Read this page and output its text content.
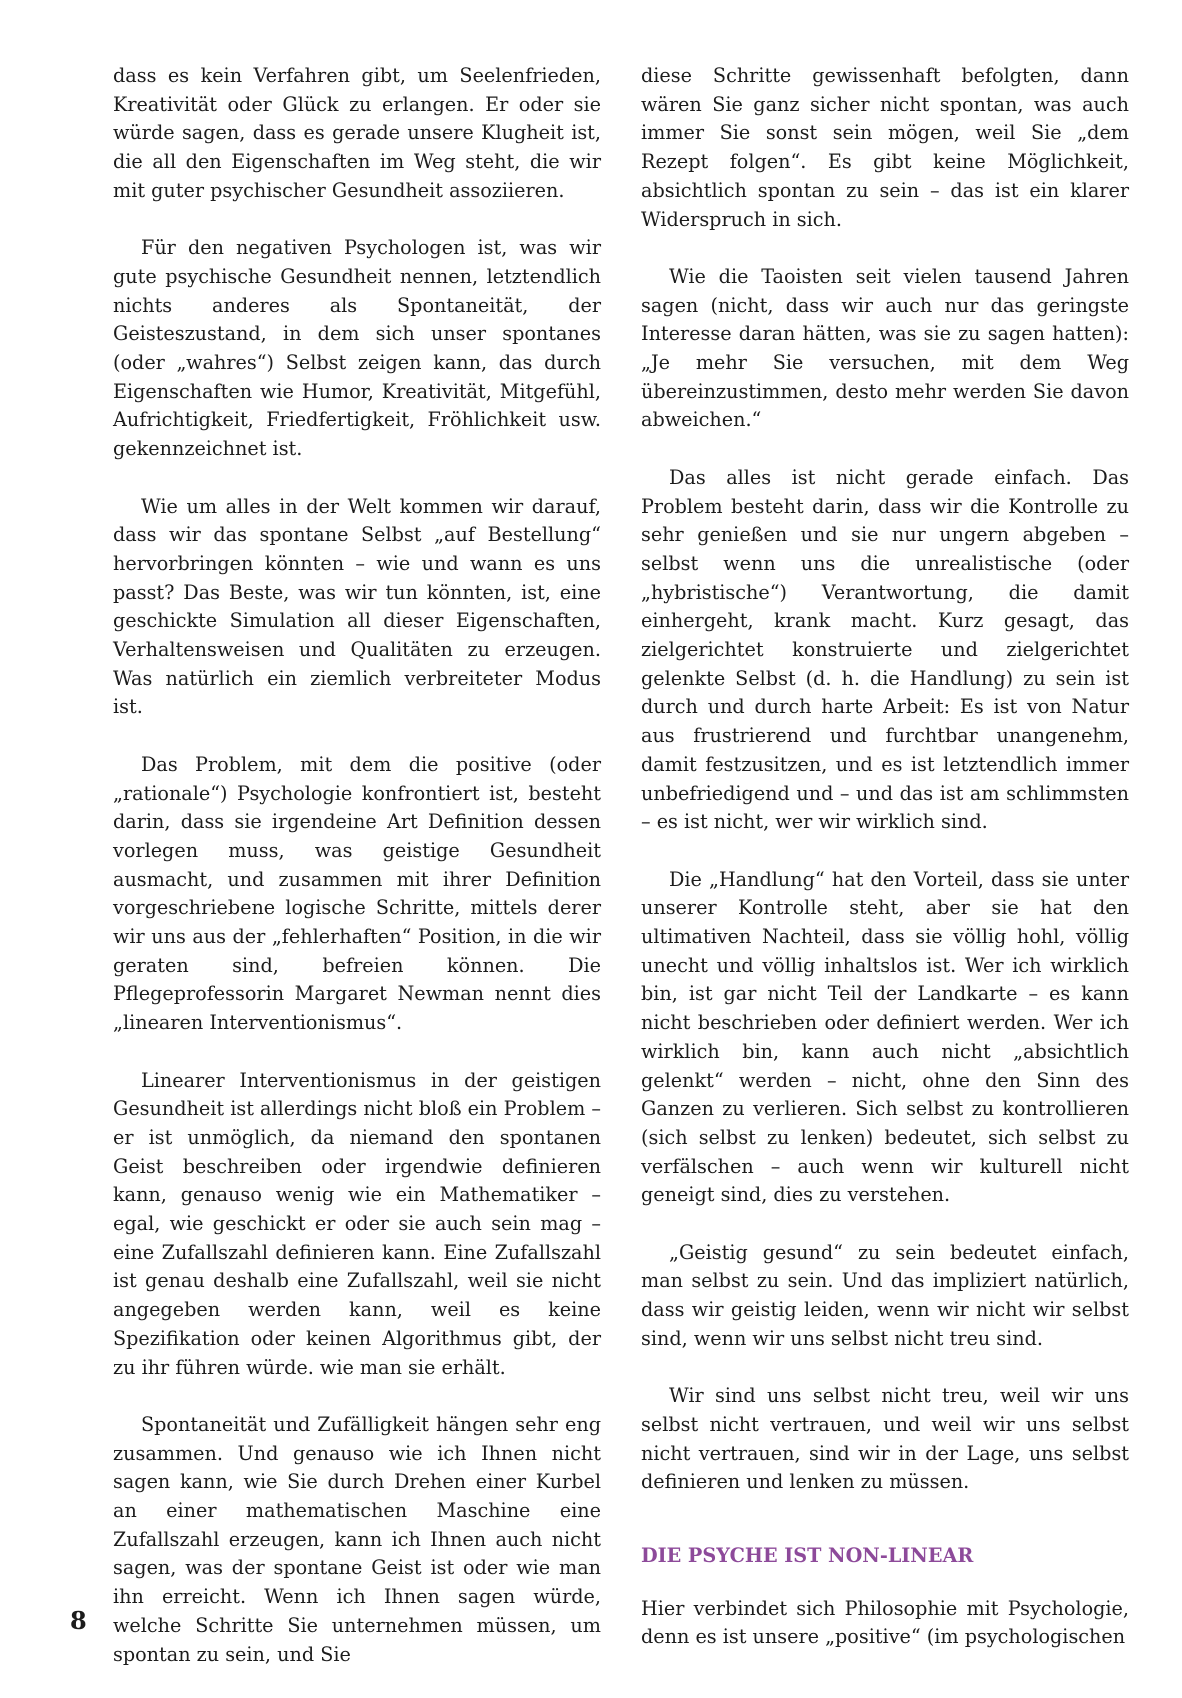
dass es kein Verfahren gibt, um Seelenfrieden, Kreativität oder Glück zu erlangen. Er oder sie würde sagen, dass es gerade unsere Klugheit ist, die all den Eigenschaften im Weg steht, die wir mit guter psychischer Gesundheit assoziieren.

Für den negativen Psychologen ist, was wir gute psychische Gesundheit nennen, letztendlich nichts anderes als Spontaneität, der Geisteszustand, in dem sich unser spontanes (oder „wahres“) Selbst zeigen kann, das durch Eigenschaften wie Humor, Kreativität, Mitgefühl, Aufrichtigkeit, Friedfertigkeit, Fröhlichkeit usw. gekennzeichnet ist.

Wie um alles in der Welt kommen wir darauf, dass wir das spontane Selbst „auf Bestellung“ hervorbringen könnten – wie und wann es uns passt? Das Beste, was wir tun könnten, ist, eine geschickte Simulation all dieser Eigenschaften, Verhaltensweisen und Qualitäten zu erzeugen. Was natürlich ein ziemlich verbreiteter Modus ist.

Das Problem, mit dem die positive (oder „rationale“) Psychologie konfrontiert ist, besteht darin, dass sie irgendeine Art Definition dessen vorlegen muss, was geistige Gesundheit ausmacht, und zusammen mit ihrer Definition vorgeschriebene logische Schritte, mittels derer wir uns aus der „fehlerhaften“ Position, in die wir geraten sind, befreien können. Die Pflegeprofessorin Margaret Newman nennt dies „linearen Interventionismus“.

Linearer Interventionismus in der geistigen Gesundheit ist allerdings nicht bloß ein Problem – er ist unmöglich, da niemand den spontanen Geist beschreiben oder irgendwie definieren kann, genauso wenig wie ein Mathematiker – egal, wie geschickt er oder sie auch sein mag – eine Zufallszahl definieren kann. Eine Zufallszahl ist genau deshalb eine Zufallszahl, weil sie nicht angegeben werden kann, weil es keine Spezifikation oder keinen Algorithmus gibt, der zu ihr führen würde. wie man sie erhält.

Spontaneität und Zufälligkeit hängen sehr eng zusammen. Und genauso wie ich Ihnen nicht sagen kann, wie Sie durch Drehen einer Kurbel an einer mathematischen Maschine eine Zufallszahl erzeugen, kann ich Ihnen auch nicht sagen, was der spontane Geist ist oder wie man ihn erreicht. Wenn ich Ihnen sagen würde, welche Schritte Sie unternehmen müssen, um spontan zu sein, und Sie

diese Schritte gewissenhaft befolgten, dann wären Sie ganz sicher nicht spontan, was auch immer Sie sonst sein mögen, weil Sie „dem Rezept folgen“. Es gibt keine Möglichkeit, absichtlich spontan zu sein – das ist ein klarer Widerspruch in sich.

Wie die Taoisten seit vielen tausend Jahren sagen (nicht, dass wir auch nur das geringste Interesse daran hätten, was sie zu sagen hatten): „Je mehr Sie versuchen, mit dem Weg übereinzustimmen, desto mehr werden Sie davon abweichen.“

Das alles ist nicht gerade einfach. Das Problem besteht darin, dass wir die Kontrolle zu sehr genießen und sie nur ungern abgeben – selbst wenn uns die unrealistische (oder „hybristische“) Verantwortung, die damit einhergeht, krank macht. Kurz gesagt, das zielgerichtet konstruierte und zielgerichtet gelenkte Selbst (d. h. die Handlung) zu sein ist durch und durch harte Arbeit: Es ist von Natur aus frustrierend und furchtbar unangenehm, damit festzusitzen, und es ist letztendlich immer unbefriedigend und – und das ist am schlimmsten – es ist nicht, wer wir wirklich sind.

Die „Handlung“ hat den Vorteil, dass sie unter unserer Kontrolle steht, aber sie hat den ultimativen Nachteil, dass sie völlig hohl, völlig unecht und völlig inhaltslos ist. Wer ich wirklich bin, ist gar nicht Teil der Landkarte – es kann nicht beschrieben oder definiert werden. Wer ich wirklich bin, kann auch nicht „absichtlich gelenkt“ werden – nicht, ohne den Sinn des Ganzen zu verlieren. Sich selbst zu kontrollieren (sich selbst zu lenken) bedeutet, sich selbst zu verfälschen – auch wenn wir kulturell nicht geneigt sind, dies zu verstehen.

„Geistig gesund“ zu sein bedeutet einfach, man selbst zu sein. Und das impliziert natürlich, dass wir geistig leiden, wenn wir nicht wir selbst sind, wenn wir uns selbst nicht treu sind.

Wir sind uns selbst nicht treu, weil wir uns selbst nicht vertrauen, und weil wir uns selbst nicht vertrauen, sind wir in der Lage, uns selbst definieren und lenken zu müssen.

DIE PSYCHE IST NON-LINEAR

Hier verbindet sich Philosophie mit Psychologie, denn es ist unsere „positive“ (im psychologischen

8
